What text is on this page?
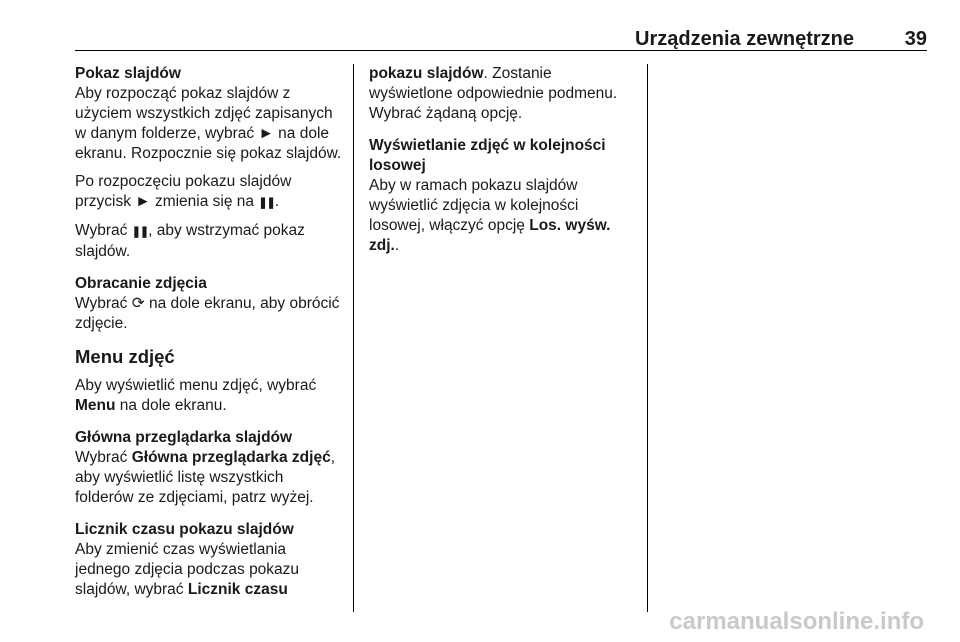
Urządzenia zewnętrzne	39
Pokaz slajdów

Aby rozpocząć pokaz slajdów z użyciem wszystkich zdjęć zapisanych w danym folderze, wybrać ► na dole ekranu. Rozpocznie się pokaz slajdów.

Po rozpoczęciu pokazu slajdów przycisk ► zmienia się na ❚❚.

Wybrać ❚❚, aby wstrzymać pokaz slajdów.

Obracanie zdjęcia

Wybrać ⟳ na dole ekranu, aby obrócić zdjęcie.

Menu zdjęć

Aby wyświetlić menu zdjęć, wybrać Menu na dole ekranu.

Główna przeglądarka slajdów

Wybrać Główna przeglądarka zdjęć, aby wyświetlić listę wszystkich folderów ze zdjęciami, patrz wyżej.

Licznik czasu pokazu slajdów

Aby zmienić czas wyświetlania jednego zdjęcia podczas pokazu slajdów, wybrać Licznik czasu

pokazu slajdów. Zostanie wyświetlone odpowiednie podmenu. Wybrać żądaną opcję.

Wyświetlanie zdjęć w kolejności losowej

Aby w ramach pokazu slajdów wyświetlić zdjęcia w kolejności losowej, włączyć opcję Los. wyśw. zdj..

carmanualsonline.info
